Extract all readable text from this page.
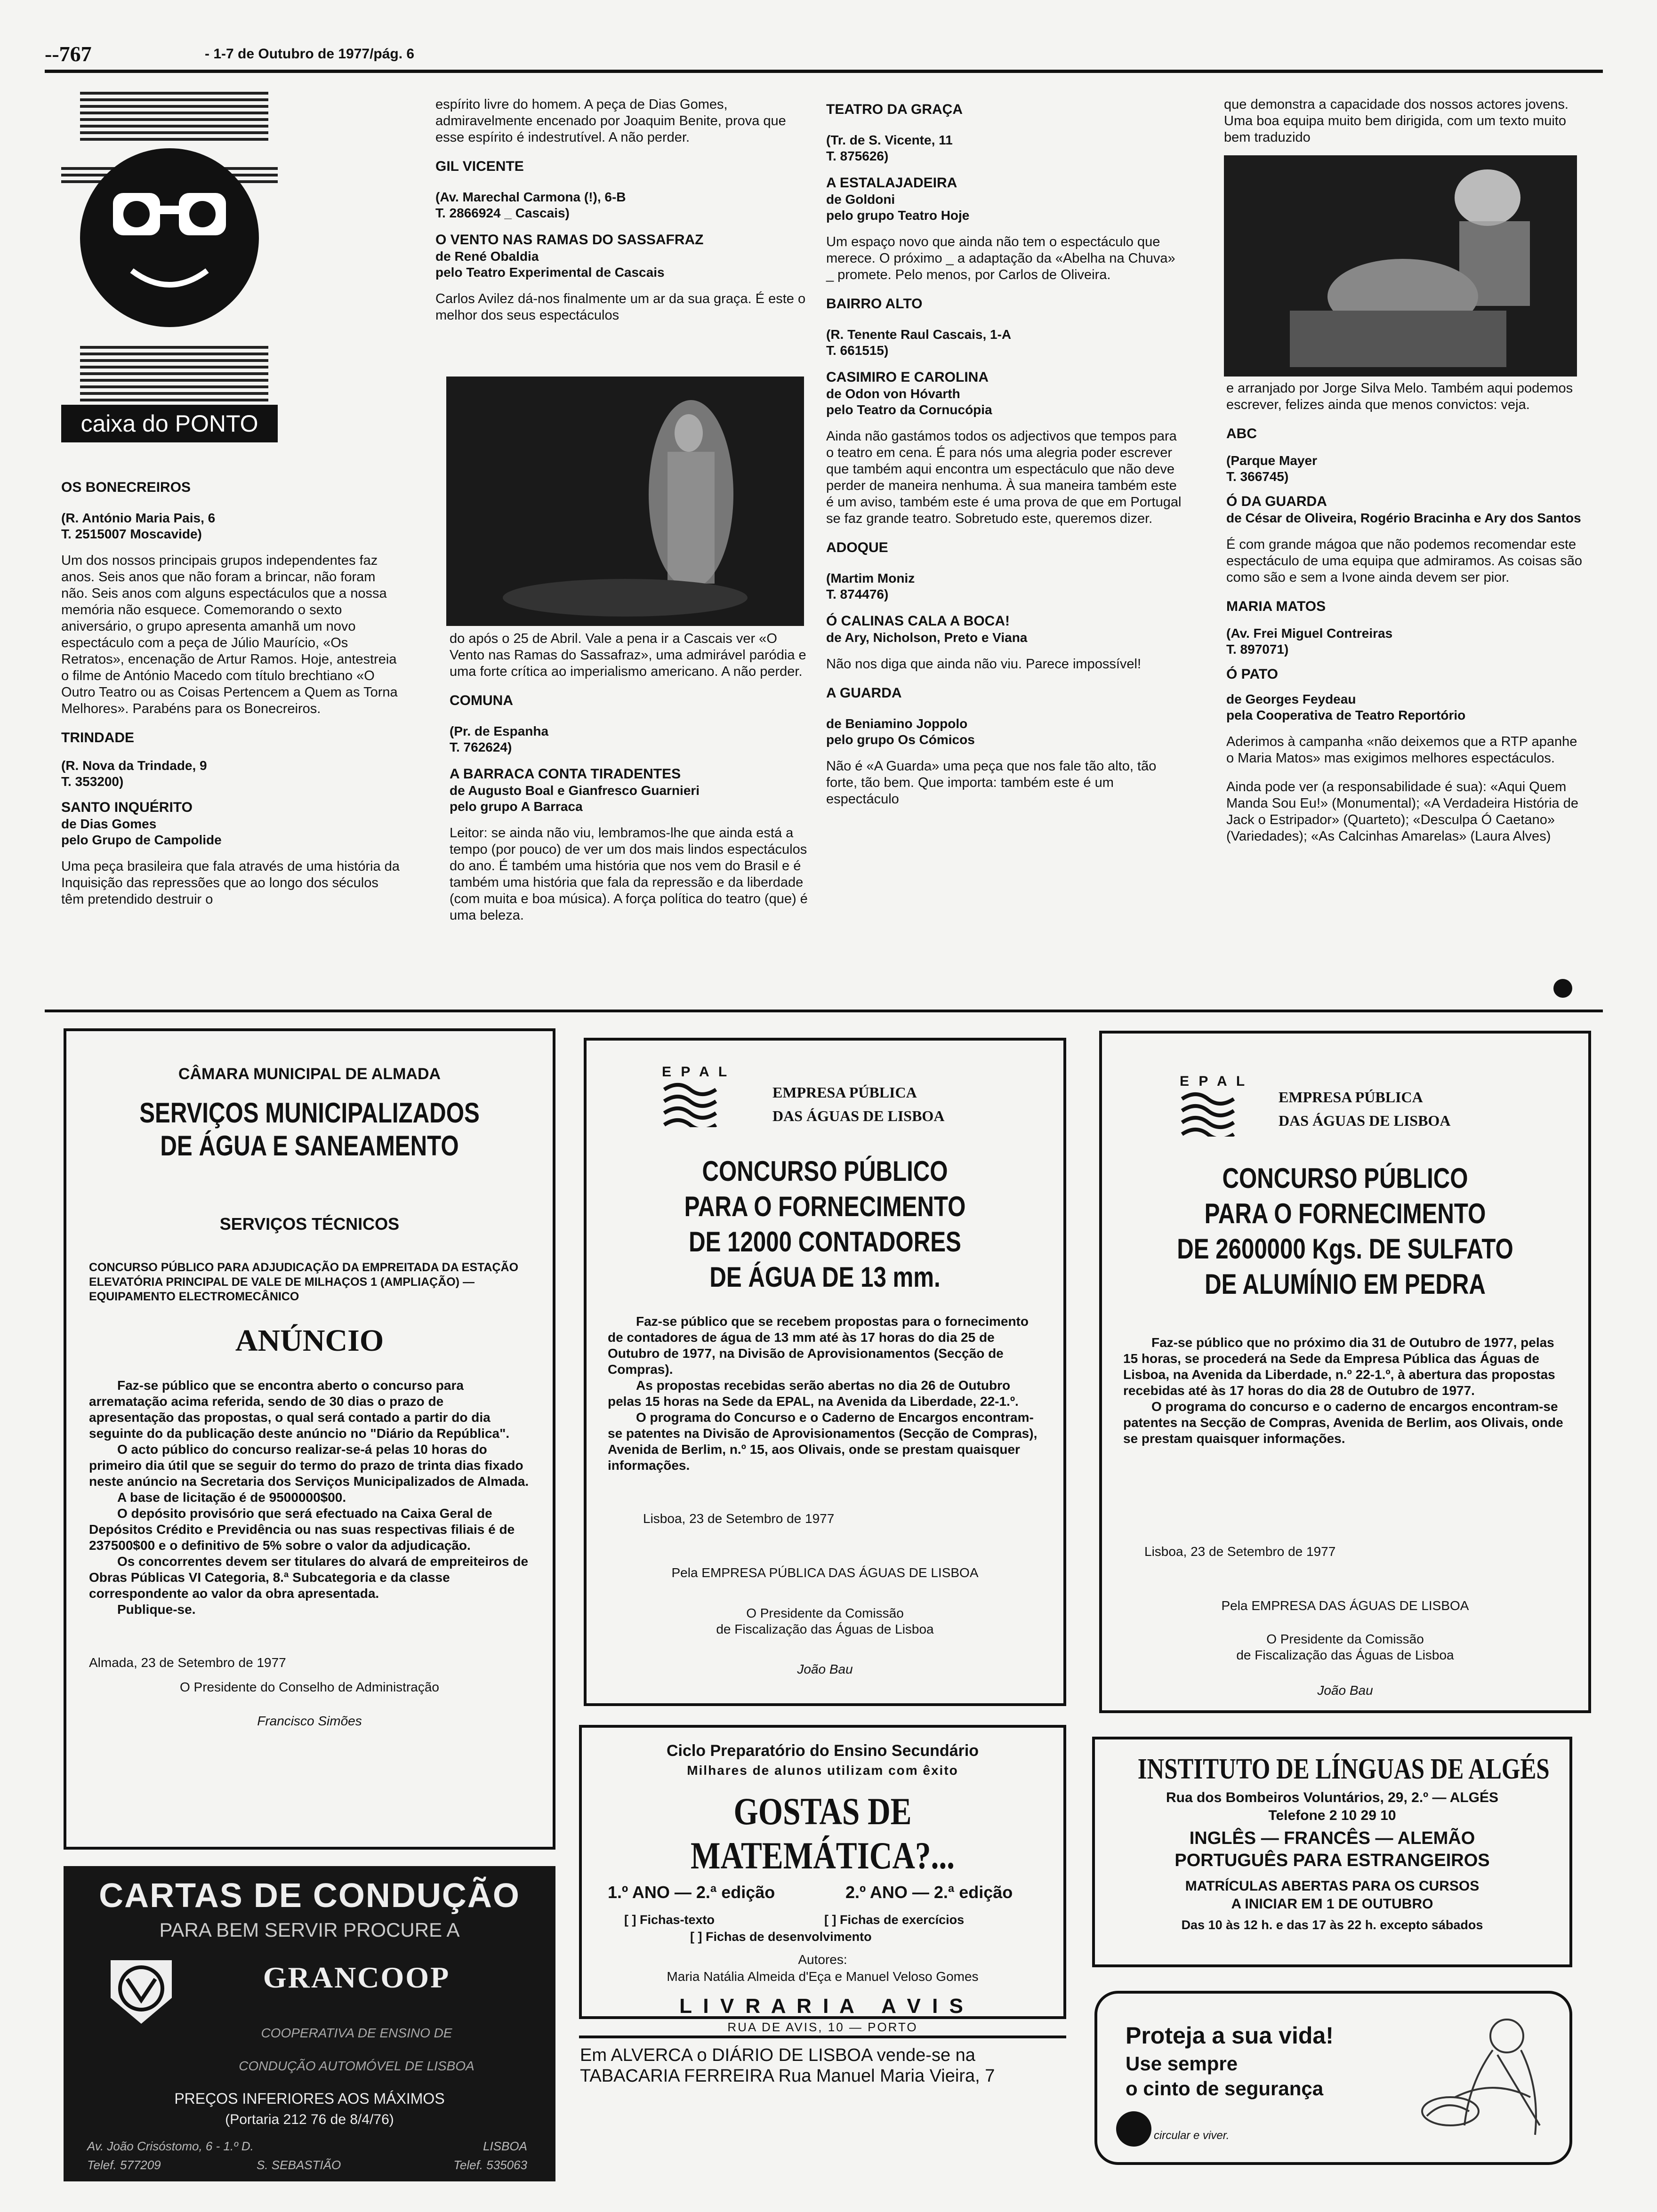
--767	- 1-7 de Outubro de 1977/pág. 6
caixa do PONTO
OS BONECREIROS
(R. António Maria Pais, 6
T. 2515007 Moscavide)

Um dos nossos principais grupos independentes faz anos. Seis anos que não foram a brincar, não foram não. Seis anos com alguns espectáculos que a nossa memória não esquece. Comemorando o sexto aniversário, o grupo apresenta amanhã um novo espectáculo com a peça de Júlio Maurício, «Os Retratos», encenação de Artur Ramos. Hoje, antestreia o filme de António Macedo com título brechtiano «O Outro Teatro ou as Coisas Pertencem a Quem as Torna Melhores». Parabéns para os Bonecreiros.

TRINDADE
(R. Nova da Trindade, 9
T. 353200)
SANTO INQUÉRITO
de Dias Gomes
pelo Grupo de Campolide

Uma peça brasileira que fala através de uma história da Inquisição das repressões que ao longo dos séculos têm pretendido destruir o

espírito livre do homem. A peça de Dias Gomes, admiravelmente encenado por Joaquim Benite, prova que esse espírito é indestrutível. A não perder.

GIL VICENTE
(Av. Marechal Carmona (!), 6-B
T. 2866924 _ Cascais)
O VENTO NAS RAMAS DO SASSAFRAZ
de René Obaldia
pelo Teatro Experimental de Cascais

Carlos Avilez dá-nos finalmente um ar da sua graça. É este o melhor dos seus espectáculos

do após o 25 de Abril. Vale a pena ir a Cascais ver «O Vento nas Ramas do Sassafraz», uma admirável paródia e uma forte crítica ao imperialismo americano. A não perder.

COMUNA
(Pr. de Espanha
T. 762624)
A BARRACA CONTA TIRADENTES
de Augusto Boal e Gianfresco Guarnieri
pelo grupo A Barraca

Leitor: se ainda não viu, lembramos-lhe que ainda está a tempo (por pouco) de ver um dos mais lindos espectáculos do ano. É também uma história que nos vem do Brasil e é também uma história que fala da repressão e da liberdade (com muita e boa música). A força política do teatro (que) é uma beleza.

TEATRO DA GRAÇA
(Tr. de S. Vicente, 11
T. 875626)
A ESTALAJADEIRA
de Goldoni
pelo grupo Teatro Hoje

Um espaço novo que ainda não tem o espectáculo que merece. O próximo _ a adaptação da «Abelha na Chuva» _ promete. Pelo menos, por Carlos de Oliveira.

BAIRRO ALTO
(R. Tenente Raul Cascais, 1-A
T. 661515)
CASIMIRO E CAROLINA
de Odon von Hóvarth
pelo Teatro da Cornucópia

Ainda não gastámos todos os adjectivos que tempos para o teatro em cena. É para nós uma alegria poder escrever que também aqui encontra um espectáculo que não deve perder de maneira nenhuma. À sua maneira também este é um aviso, também este é uma prova de que em Portugal se faz grande teatro. Sobretudo este, queremos dizer.

ADOQUE
(Martim Moniz
T. 874476)
Ó CALINAS CALA A BOCA!
de Ary, Nicholson, Preto e Viana

Não nos diga que ainda não viu. Parece impossível!

A GUARDA
de Beniamino Joppolo
pelo grupo Os Cómicos

Não é «A Guarda» uma peça que nos fale tão alto, tão forte, tão bem. Que importa: também este é um espectáculo

que demonstra a capacidade dos nossos actores jovens. Uma boa equipa muito bem dirigida, com um texto muito bem traduzido

e arranjado por Jorge Silva Melo. Também aqui podemos escrever, felizes ainda que menos convictos: veja.

ABC
(Parque Mayer
T. 366745)
Ó DA GUARDA
de César de Oliveira, Rogério Bracinha e Ary dos Santos

É com grande mágoa que não podemos recomendar este espectáculo de uma equipa que admiramos. As coisas são como são e sem a Ivone ainda devem ser pior.

MARIA MATOS
(Av. Frei Miguel Contreiras
T. 897071)
Ó PATO
de Georges Feydeau
pela Cooperativa de Teatro Reportório

Aderimos à campanha «não deixemos que a RTP apanhe o Maria Matos» mas exigimos melhores espectáculos.

Ainda pode ver (a responsabilidade é sua): «Aqui Quem Manda Sou Eu!» (Monumental); «A Verdadeira História de Jack o Estripador» (Quarteto); «Desculpa Ó Caetano» (Variedades); «As Calcinhas Amarelas» (Laura Alves)

CÂMARA MUNICIPAL DE ALMADA
SERVIÇOS MUNICIPALIZADOS
DE ÁGUA E SANEAMENTO
SERVIÇOS TÉCNICOS
CONCURSO PÚBLICO PARA ADJUDICAÇÃO DA EMPREITADA DA ESTAÇÃO ELEVATÓRIA PRINCIPAL DE VALE DE MILHAÇOS 1 (AMPLIAÇÃO) — EQUIPAMENTO ELECTROMECÂNICO
ANÚNCIO

Faz-se público que se encontra aberto o concurso para arrematação acima referida, sendo de 30 dias o prazo de apresentação das propostas, o qual será contado a partir do dia seguinte do da publicação deste anúncio no "Diário da República".

O acto público do concurso realizar-se-á pelas 10 horas do primeiro dia útil que se seguir do termo do prazo de trinta dias fixado neste anúncio na Secretaria dos Serviços Municipalizados de Almada.

A base de licitação é de 9500000$00.

O depósito provisório que será efectuado na Caixa Geral de Depósitos Crédito e Previdência ou nas suas respectivas filiais é de 237500$00 e o definitivo de 5% sobre o valor da adjudicação.

Os concorrentes devem ser titulares do alvará de empreiteiros de Obras Públicas VI Categoria, 8.ª Subcategoria e da classe correspondente ao valor da obra apresentada.

Publique-se.

Almada, 23 de Setembro de 1977
O Presidente do Conselho de Administração
Francisco Simões
E P A L
EMPRESA PÚBLICA
DAS ÁGUAS DE LISBOA
CONCURSO PÚBLICO
PARA O FORNECIMENTO
DE 12000 CONTADORES
DE ÁGUA DE 13 mm.

Faz-se público que se recebem propostas para o fornecimento de contadores de água de 13 mm até às 17 horas do dia 25 de Outubro de 1977, na Divisão de Aprovisionamentos (Secção de Compras).

As propostas recebidas serão abertas no dia 26 de Outubro pelas 15 horas na Sede da EPAL, na Avenida da Liberdade, 22-1.º.

O programa do Concurso e o Caderno de Encargos encontram-se patentes na Divisão de Aprovisionamentos (Secção de Compras), Avenida de Berlim, n.º 15, aos Olivais, onde se prestam quaisquer informações.

Lisboa, 23 de Setembro de 1977
Pela EMPRESA PÚBLICA DAS ÁGUAS DE LISBOA
O Presidente da Comissão
de Fiscalização das Águas de Lisboa
João Bau
E P A L
EMPRESA PÚBLICA
DAS ÁGUAS DE LISBOA
CONCURSO PÚBLICO
PARA O FORNECIMENTO
DE 2600000 Kgs. DE SULFATO
DE ALUMÍNIO EM PEDRA

Faz-se público que no próximo dia 31 de Outubro de 1977, pelas 15 horas, se procederá na Sede da Empresa Pública das Águas de Lisboa, na Avenida da Liberdade, n.º 22-1.º, à abertura das propostas recebidas até às 17 horas do dia 28 de Outubro de 1977.

O programa do concurso e o caderno de encargos encontram-se patentes na Secção de Compras, Avenida de Berlim, aos Olivais, onde se prestam quaisquer informações.

Lisboa, 23 de Setembro de 1977
Pela EMPRESA DAS ÁGUAS DE LISBOA
O Presidente da Comissão
de Fiscalização das Águas de Lisboa
João Bau
CARTAS DE CONDUÇÃO
PARA BEM SERVIR PROCURE A
GRANCOOP
COOPERATIVA DE ENSINO DE
CONDUÇÃO AUTOMÓVEL DE LISBOA
PREÇOS INFERIORES AOS MÁXIMOS
(Portaria 212 76 de 8/4/76)
Av. João Crisóstomo, 6 - 1.º D.	LISBOA
Telef. 577209	S. SEBASTIÃO	Telef. 535063
Ciclo Preparatório do Ensino Secundário
Milhares de alunos utilizam com êxito
GOSTAS DE MATEMÁTICA?...
1.º ANO — 2.ª edição	2.º ANO — 2.ª edição
[ ] Fichas-texto	[ ] Fichas de exercícios
[ ] Fichas de desenvolvimento
Autores:
Maria Natália Almeida d'Eça e Manuel Veloso Gomes
L I V R A R I A   A V I S
RUA DE AVIS, 10 — PORTO
Em ALVERCA o DIÁRIO DE LISBOA vende-se na TABACARIA FERREIRA Rua Manuel Maria Vieira, 7
INSTITUTO DE LÍNGUAS DE ALGÉS
Rua dos Bombeiros Voluntários, 29, 2.º — ALGÉS
Telefone 2 10 29 10
INGLÊS — FRANCÊS — ALEMÃO
PORTUGUÊS PARA ESTRANGEIROS
MATRÍCULAS ABERTAS PARA OS CURSOS
A INICIAR EM 1 DE OUTUBRO
Das 10 às 12 h. e das 17 às 22 h. excepto sábados
Proteja a sua vida!
Use sempre
o cinto de segurança
circular e viver.
